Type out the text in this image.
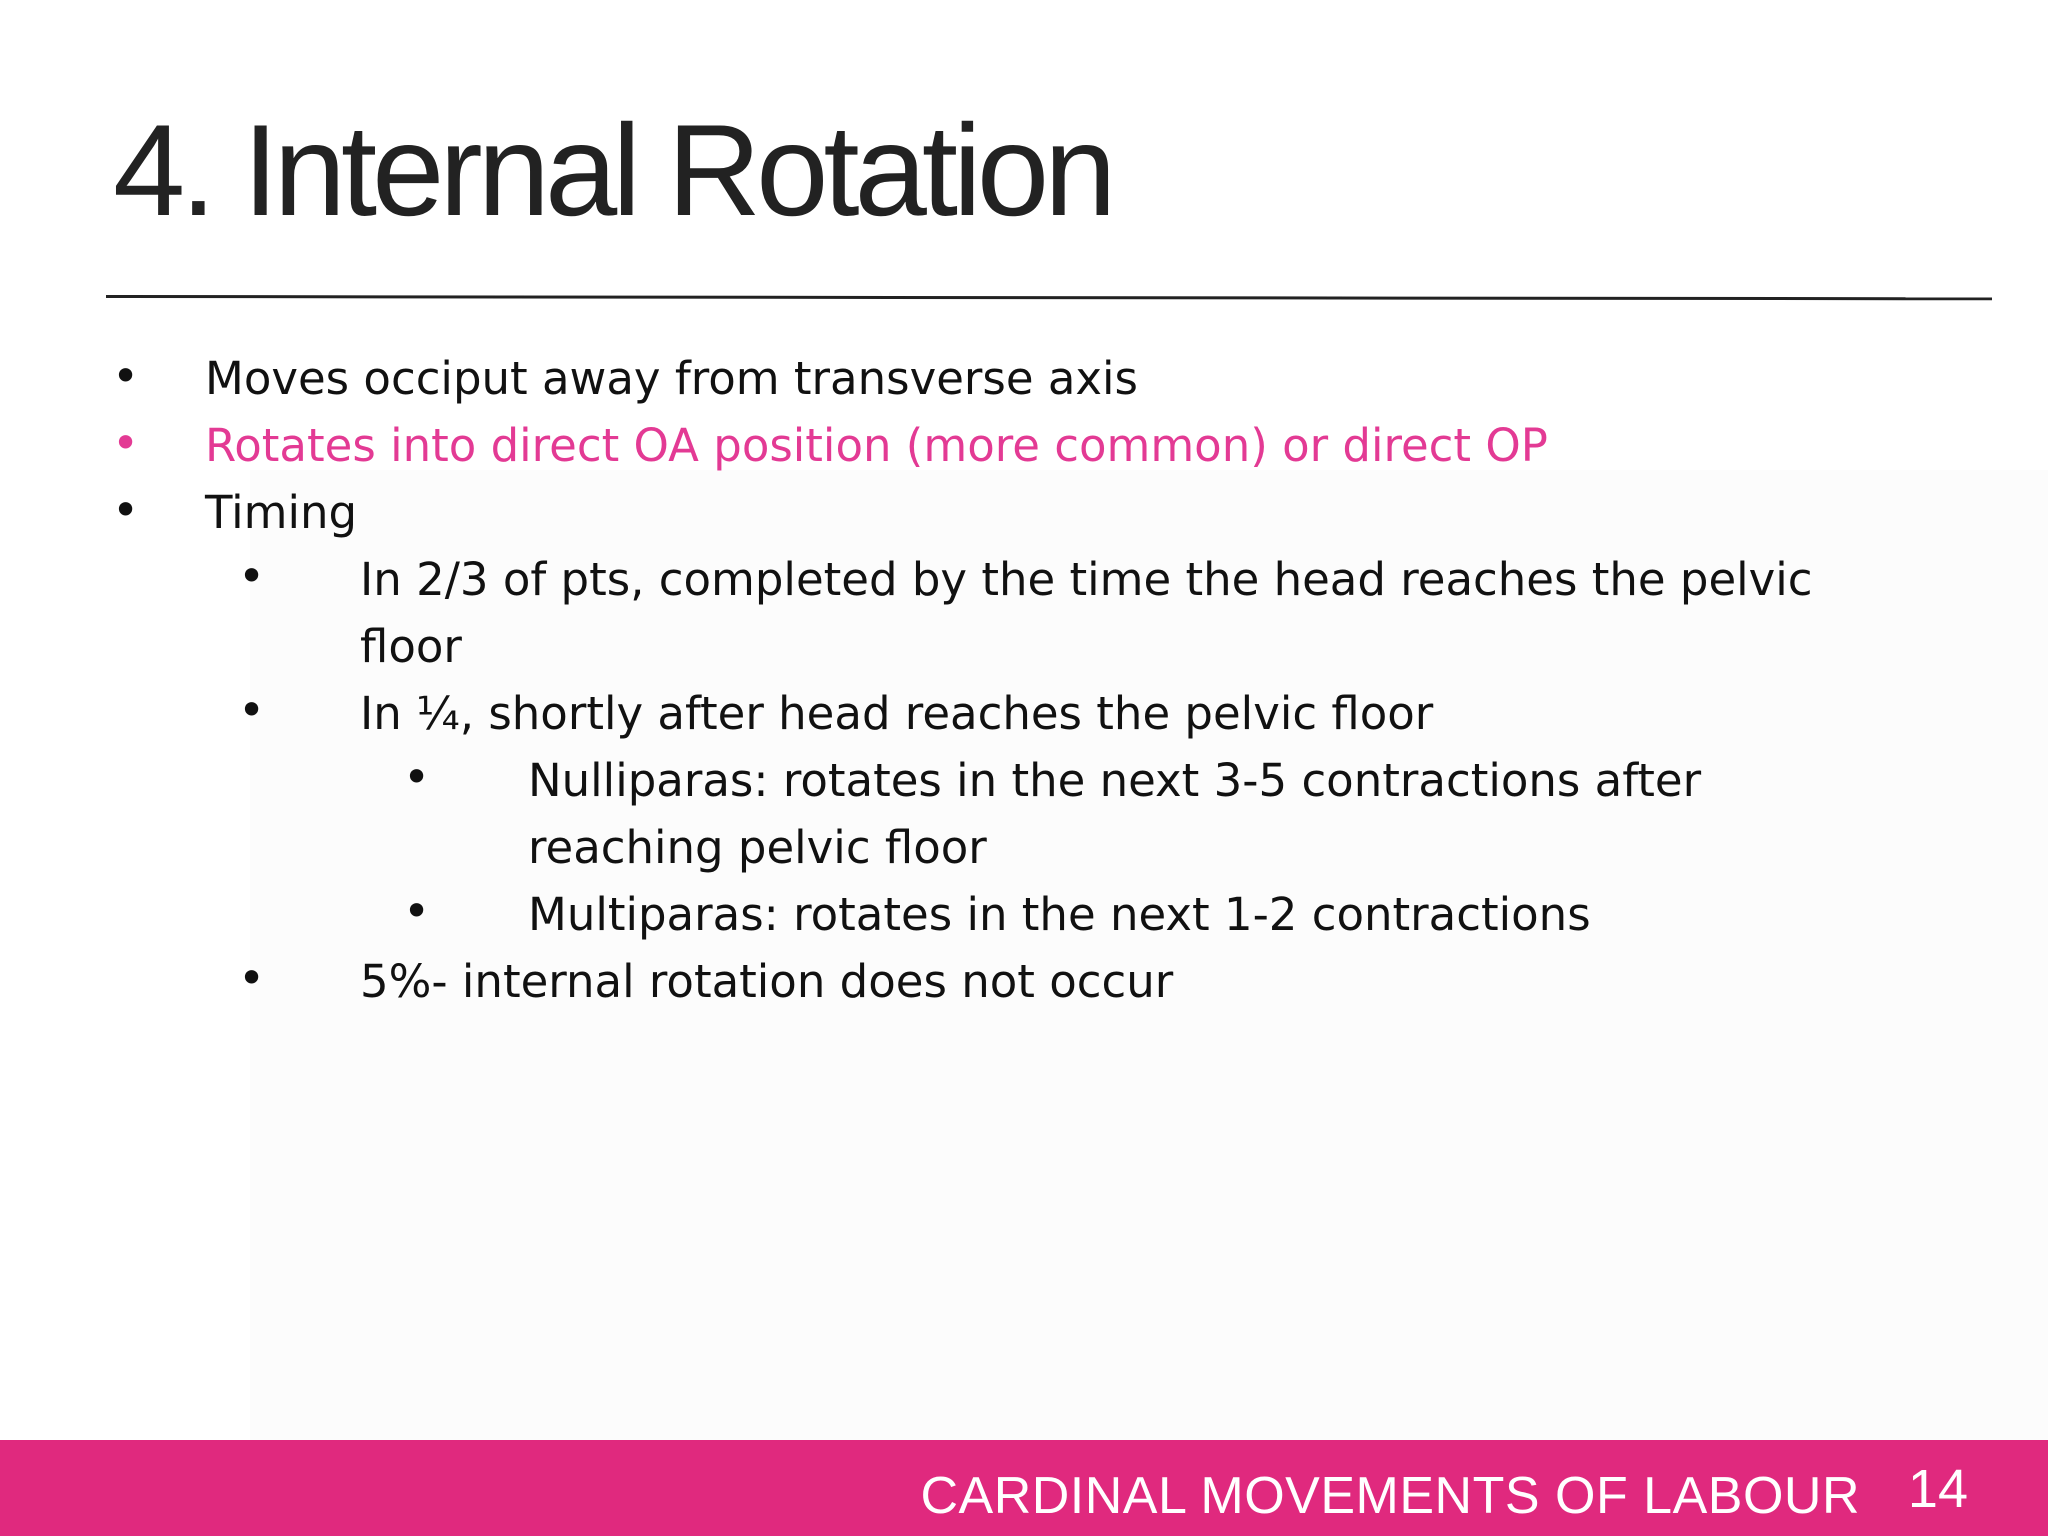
4. Internal Rotation
• Moves occiput away from transverse axis
• Rotates into direct OA position (more common) or direct OP
• Timing
• In 2/3 of pts, completed by the time the head reaches the pelvic
floor
• In ¼, shortly after head reaches the pelvic floor
• Nulliparas: rotates in the next 3-5 contractions after
reaching pelvic floor
• Multiparas: rotates in the next 1-2 contractions
• 5%- internal rotation does not occur
CARDINAL MOVEMENTS OF LABOUR 14
